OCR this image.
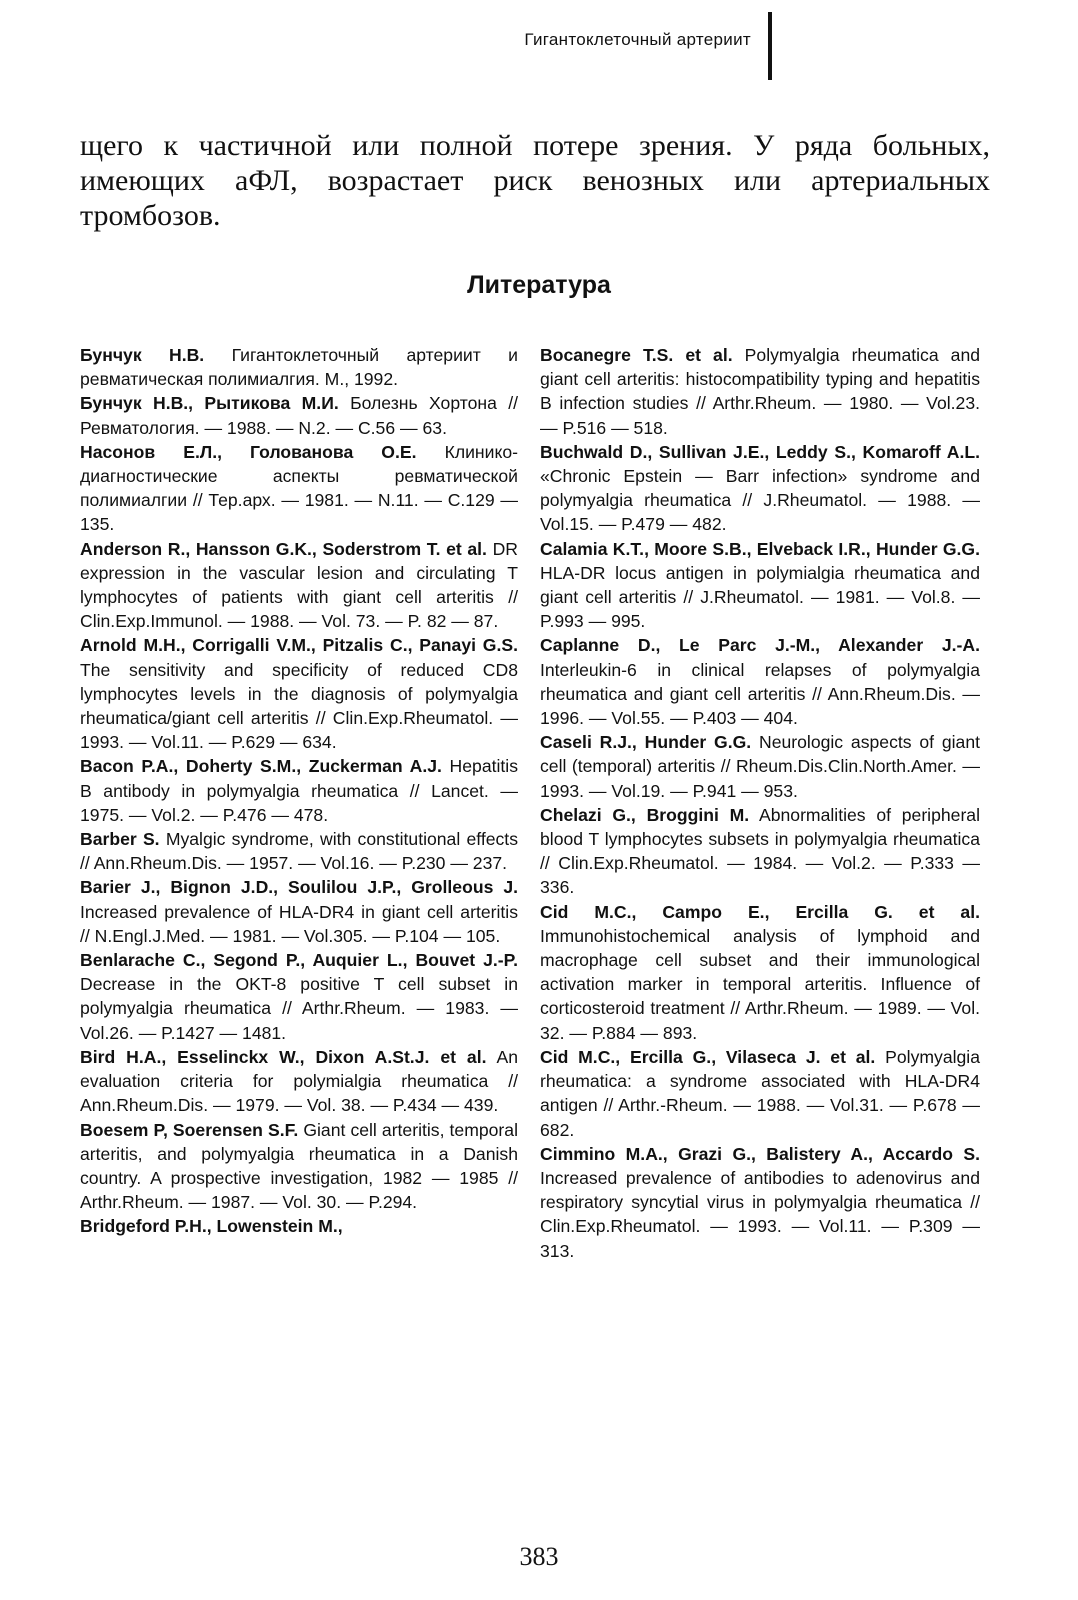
Гигантоклеточный артериит
щего к частичной или полной потере зрения. У ряда больных, имеющих аФЛ, возрастает риск венозных или артериальных тромбозов.
Литература

Бунчук Н.В. Гигантоклеточный артериит и ревматическая полимиалгия. М., 1992.

Бунчук Н.В., Рытикова М.И. Болезнь Хортона // Ревматология. — 1988. — N.2. — С.56 — 63.

Насонов Е.Л., Голованова О.Е. Клинико-диагностические аспекты ревматической полимиалгии // Тер.арх. — 1981. — N.11. — С.129 — 135.

Anderson R., Hansson G.K., Soderstrom T. et al. DR expression in the vascular lesion and circulating T lymphocytes of patients with giant cell arteritis // Clin.Exp.Immunol. — 1988. — Vol. 73. — P. 82 — 87.

Arnold M.H., Corrigalli V.M., Pitzalis C., Panayi G.S. The sensitivity and specificity of reduced CD8 lymphocytes levels in the diagnosis of polymyalgia rheumatica/giant cell arteritis // Clin.Exp.Rheumatol. — 1993. — Vol.11. — P.629 — 634.

Bacon P.A., Doherty S.M., Zuckerman A.J. Hepatitis B antibody in polymyalgia rheumatica // Lancet. — 1975. — Vol.2. — P.476 — 478.

Barber S. Myalgic syndrome, with constitutional effects // Ann.Rheum.Dis. — 1957. — Vol.16. — P.230 — 237.

Barier J., Bignon J.D., Soulilou J.P., Grolleous J. Increased prevalence of HLA-DR4 in giant cell arteritis // N.Engl.J.Med. — 1981. — Vol.305. — P.104 — 105.

Benlarache C., Segond P., Auquier L., Bouvet J.-P. Decrease in the OKT-8 positive T cell subset in polymyalgia rheumatica // Arthr.Rheum. — 1983. — Vol.26. — P.1427 — 1481.

Bird H.A., Esselinckx W., Dixon A.St.J. et al. An evaluation criteria for polymialgia rheumatica // Ann.Rheum.Dis. — 1979. — Vol. 38. — P.434 — 439.

Boesem P, Soerensen S.F. Giant cell arteritis, temporal arteritis, and polymyalgia rheumatica in a Danish country. A prospective investigation, 1982 — 1985 // Arthr.Rheum. — 1987. — Vol. 30. — P.294.

Bridgeford P.H., Lowenstein M.,

Bocanegre T.S. et al. Polymyalgia rheumatica and giant cell arteritis: histocompatibility typing and hepatitis B infection studies // Arthr.Rheum. — 1980. — Vol.23. — P.516 — 518.

Buchwald D., Sullivan J.E., Leddy S., Komaroff A.L. «Chronic Epstein — Barr infection» syndrome and polymyalgia rheumatica // J.Rheumatol. — 1988. — Vol.15. — P.479 — 482.

Calamia K.T., Moore S.B., Elveback I.R., Hunder G.G. HLA-DR locus antigen in polymialgia rheumatica and giant cell arteritis // J.Rheumatol. — 1981. — Vol.8. — P.993 — 995.

Caplanne D., Le Parc J.-M., Alexander J.-A. Interleukin-6 in clinical relapses of polymyalgia rheumatica and giant cell arteritis // Ann.Rheum.Dis. — 1996. — Vol.55. — P.403 — 404.

Caseli R.J., Hunder G.G. Neurologic aspects of giant cell (temporal) arteritis // Rheum.Dis.Clin.North.Amer. — 1993. — Vol.19. — P.941 — 953.

Chelazi G., Broggini M. Abnormalities of peripheral blood T lymphocytes subsets in polymyalgia rheumatica // Clin.Exp.Rheumatol. — 1984. — Vol.2. — P.333 — 336.

Cid M.C., Campo E., Ercilla G. et al. Immunohistochemical analysis of lymphoid and macrophage cell subset and their immunological activation marker in temporal arteritis. Influence of corticosteroid treatment // Arthr.Rheum. — 1989. — Vol. 32. — P.884 — 893.

Cid M.C., Ercilla G., Vilaseca J. et al. Polymyalgia rheumatica: a syndrome associated with HLA-DR4 antigen // Arthr.-Rheum. — 1988. — Vol.31. — P.678 — 682.

Cimmino M.A., Grazi G., Balistery A., Accardo S. Increased prevalence of antibodies to adenovirus and respiratory syncytial virus in polymyalgia rheumatica // Clin.Exp.Rheumatol. — 1993. — Vol.11. — P.309 — 313.

383
